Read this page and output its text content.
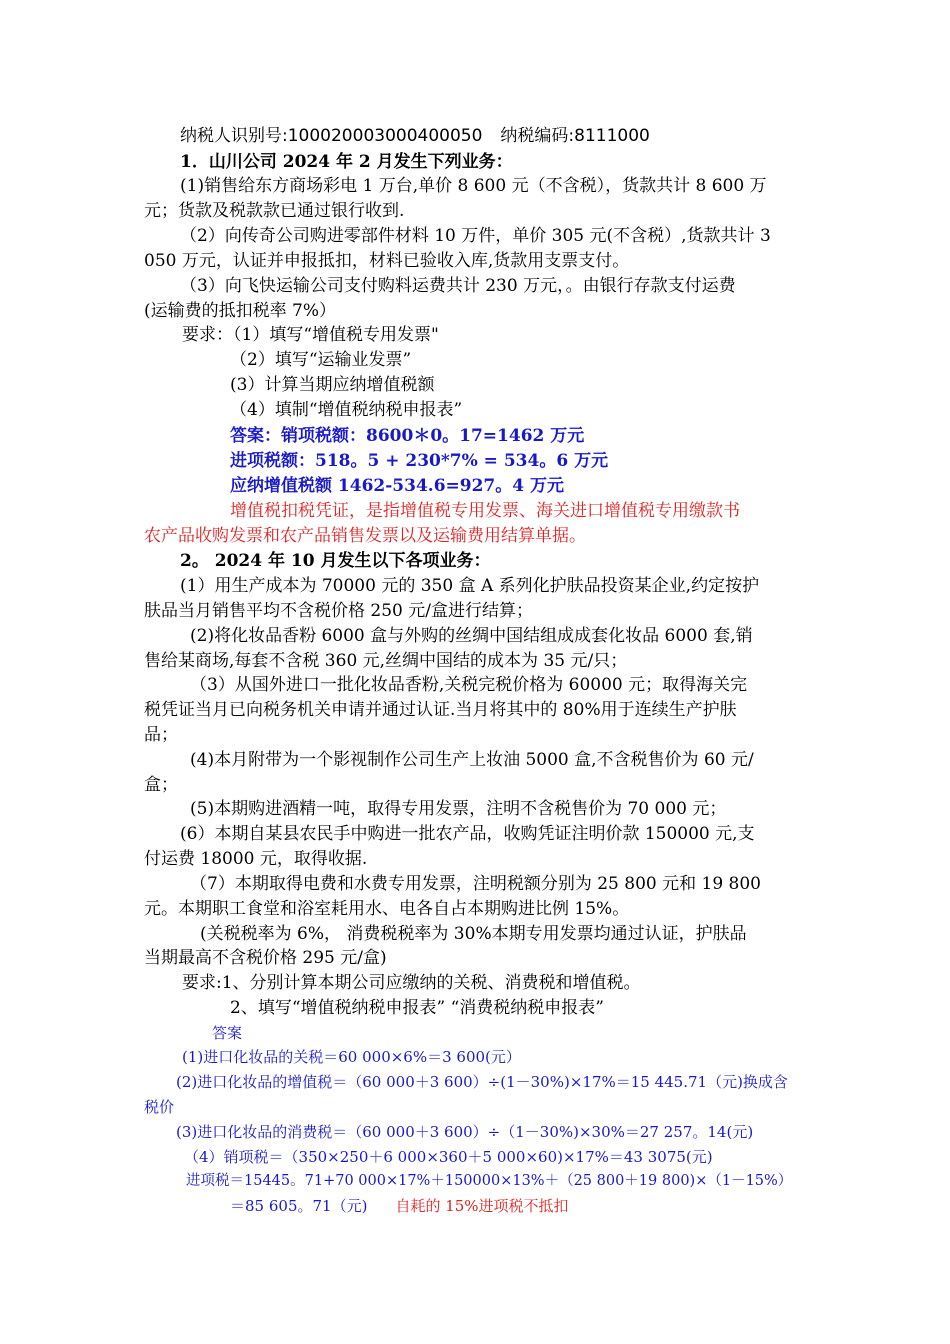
纳税人识别号:100020003000400050 纳税编码:8111000
1．山川公司 2024 年 2 月发生下列业务：
(1)销售给东方商场彩电 1 万台,单价 8 600 元（不含税），货款共计 8 600 万
元；货款及税款款已通过银行收到.
（2）向传奇公司购进零部件材料 10 万件，单价 305 元(不含税）,货款共计 3
050 万元，认证并申报抵扣，材料已验收入库,货款用支票支付。
（3）向飞快运输公司支付购料运费共计 230 万元，。由银行存款支付运费
(运输费的抵扣税率 7%）
要求：（1）填写“增值税专用发票"
（2）填写“运输业发票”
(3）计算当期应纳增值税额
（4）填制“增值税纳税申报表”
答案：销项税额：8600＊0。17=1462 万元
进项税额：518。5 + 230*7% = 534。6 万元
应纳增值税额 1462-534.6=927。4 万元
增值税扣税凭证，是指增值税专用发票、海关进口增值税专用缴款书
农产品收购发票和农产品销售发票以及运输费用结算单据。
2。 2024 年 10 月发生以下各项业务：
(1）用生产成本为 70000 元的 350 盒 A 系列化护肤品投资某企业,约定按护
肤品当月销售平均不含税价格 250 元/盒进行结算；
(2)将化妆品香粉 6000 盒与外购的丝绸中国结组成成套化妆品 6000 套,销
售给某商场,每套不含税 360 元,丝绸中国结的成本为 35 元/只；
（3）从国外进口一批化妆品香粉,关税完税价格为 60000 元；取得海关完
税凭证当月已向税务机关申请并通过认证.当月将其中的 80%用于连续生产护肤
品；
(4)本月附带为一个影视制作公司生产上妆油 5000 盒,不含税售价为 60 元/
盒；
(5)本期购进酒精一吨，取得专用发票，注明不含税售价为 70 000 元；
(6）本期自某县农民手中购进一批农产品，收购凭证注明价款 150000 元,支
付运费 18000 元，取得收据.
（7）本期取得电费和水费专用发票，注明税额分别为 25 800 元和 19 800
元。本期职工食堂和浴室耗用水、电各自占本期购进比例 15%。
(关税税率为 6%， 消费税税率为 30%本期专用发票均通过认证，护肤品
当期最高不含税价格 295 元/盒)
要求:1、分别计算本期公司应缴纳的关税、消费税和增值税。
2、填写“增值税纳税申报表” “消费税纳税申报表”
答案
(1)进口化妆品的关税＝60 000×6%＝3 600(元）
(2)进口化妆品的增值税＝（60 000＋3 600）÷(1－30%)×17%＝15 445.71（元)换成含
税价
(3)进口化妆品的消费税＝（60 000＋3 600）÷（1－30%)×30%＝27 257。14(元)
（4）销项税＝（350×250＋6 000×360＋5 000×60)×17%＝43 3075(元)
进项税＝15445。71+70 000×17%＋150000×13%＋（25 800＋19 800)×（1－15%）
＝85 605。71（元) 自耗的 15%进项税不抵扣
